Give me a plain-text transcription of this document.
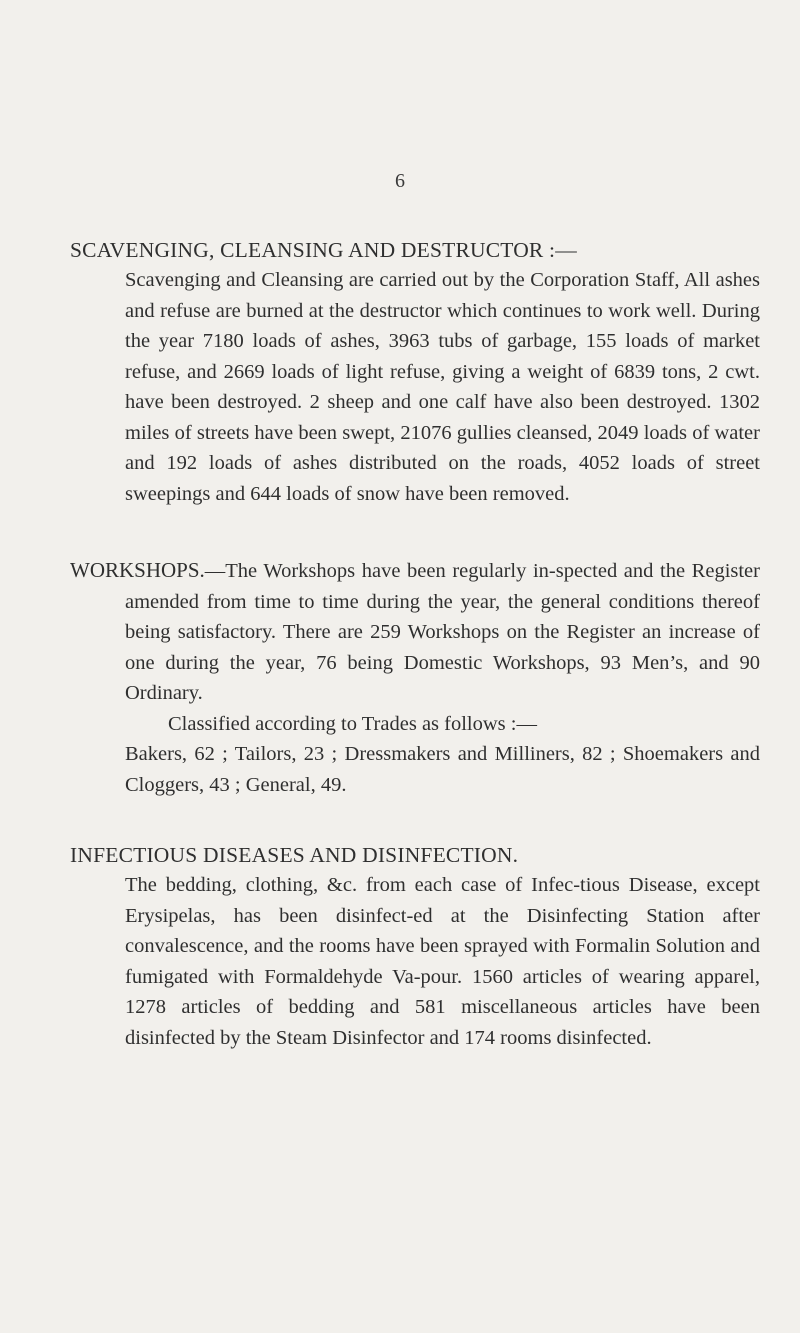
6
SCAVENGING, CLEANSING AND DESTRUCTOR :—

Scavenging and Cleansing are carried out by the Corporation Staff, All ashes and refuse are burned at the destructor which continues to work well. During the year 7180 loads of ashes, 3963 tubs of garbage, 155 loads of market refuse, and 2669 loads of light refuse, giving a weight of 6839 tons, 2 cwt. have been destroyed. 2 sheep and one calf have also been destroyed. 1302 miles of streets have been swept, 21076 gullies cleansed, 2049 loads of water and 192 loads of ashes distributed on the roads, 4052 loads of street sweepings and 644 loads of snow have been removed.

WORKSHOPS.—The Workshops have been regularly in-spected and the Register amended from time to time during the year, the general conditions thereof being satisfactory. There are 259 Workshops on the Register an increase of one during the year, 76 being Domestic Workshops, 93 Men’s, and 90 Ordinary.

Classified according to Trades as follows :—

Bakers, 62 ; Tailors, 23 ; Dressmakers and Milliners, 82 ; Shoemakers and Cloggers, 43 ; General, 49.

INFECTIOUS DISEASES AND DISINFECTION.

The bedding, clothing, &c. from each case of Infec-tious Disease, except Erysipelas, has been disinfect-ed at the Disinfecting Station after convalescence, and the rooms have been sprayed with Formalin Solution and fumigated with Formaldehyde Va-pour. 1560 articles of wearing apparel, 1278 articles of bedding and 581 miscellaneous articles have been disinfected by the Steam Disinfector and 174 rooms disinfected.
